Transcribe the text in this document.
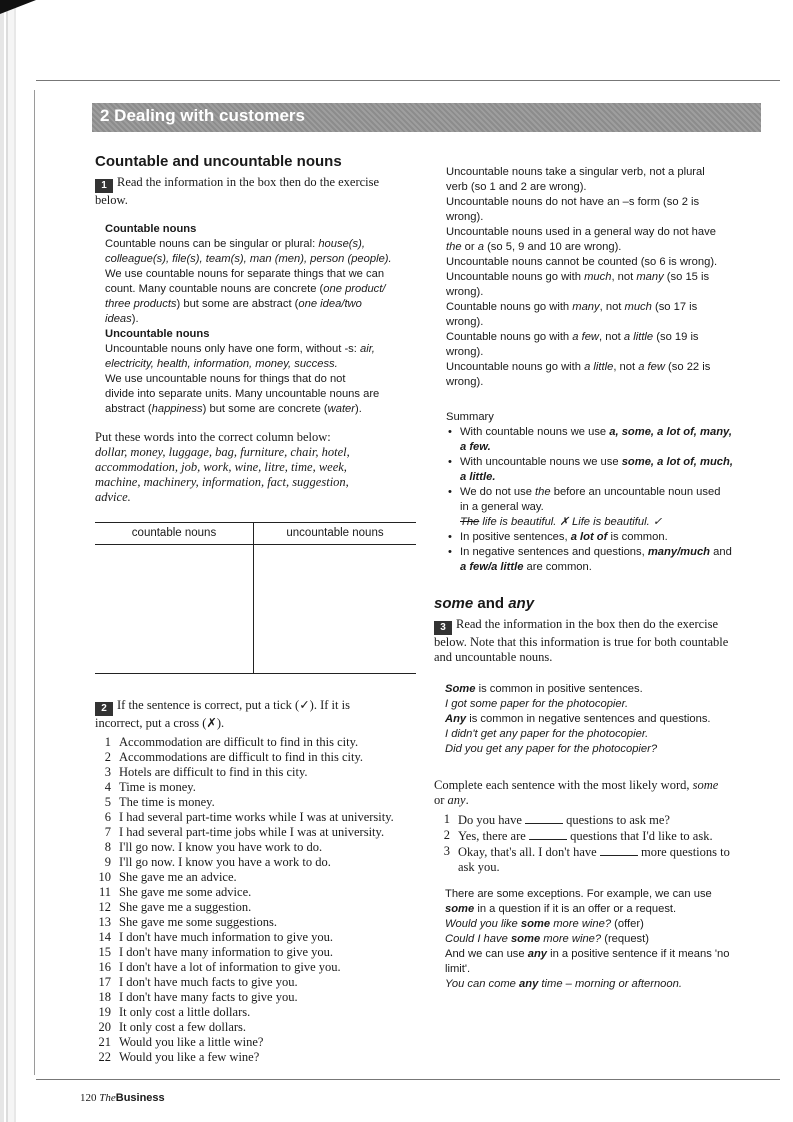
2 Dealing with customers
Countable and uncountable nouns
1 Read the information in the box then do the exercise below.

Countable nouns

Countable nouns can be singular or plural: house(s),

colleague(s), file(s), team(s), man (men), person (people).

We use countable nouns for separate things that we can

count. Many countable nouns are concrete (one product/

three products) but some are abstract (one idea/two

ideas).

Uncountable nouns

Uncountable nouns only have one form, without -s: air,

electricity, health, information, money, success.

We use uncountable nouns for things that do not

divide into separate units. Many uncountable nouns are

abstract (happiness) but some are concrete (water).

Put these words into the correct column below:
dollar, money, luggage, bag, furniture, chair, hotel,
accommodation, job, work, wine, litre, time, week,
machine, machinery, information, fact, suggestion,
advice.
countable nouns	uncountable nouns
2 If the sentence is correct, put a tick (✓). If it is
incorrect, put a cross (✗).
1 Accommodation are difficult to find in this city.
2 Accommodations are difficult to find in this city.
3 Hotels are difficult to find in this city.
4 Time is money.
5 The time is money.
6 I had several part-time works while I was at university.
7 I had several part-time jobs while I was at university.
8 I'll go now. I know you have work to do.
9 I'll go now. I know you have a work to do.
10 She gave me an advice.
11 She gave me some advice.
12 She gave me a suggestion.
13 She gave me some suggestions.
14 I don't have much information to give you.
15 I don't have many information to give you.
16 I don't have a lot of information to give you.
17 I don't have much facts to give you.
18 I don't have many facts to give you.
19 It only cost a little dollars.
20 It only cost a few dollars.
21 Would you like a little wine?
22 Would you like a few wine?

Uncountable nouns take a singular verb, not a plural

verb (so 1 and 2 are wrong).

Uncountable nouns do not have an –s form (so 2 is

wrong).

Uncountable nouns used in a general way do not have

the or a (so 5, 9 and 10 are wrong).

Uncountable nouns cannot be counted (so 6 is wrong).

Uncountable nouns go with much, not many (so 15 is

wrong).

Countable nouns go with many, not much (so 17 is

wrong).

Countable nouns go with a few, not a little (so 19 is

wrong).

Uncountable nouns go with a little, not a few (so 22 is

wrong).

Summary

• With countable nouns we use a, some, a lot of, many,
a few.
• With uncountable nouns we use some, a lot of, much,
a little.
• We do not use the before an uncountable noun used
in a general way.
The life is beautiful. ✗ Life is beautiful. ✓
• In positive sentences, a lot of is common.
• In negative sentences and questions, many/much and
a few/a little are common.
some and any
3 Read the information in the box then do the exercise
below. Note that this information is true for both countable
and uncountable nouns.

Some is common in positive sentences.

I got some paper for the photocopier.

Any is common in negative sentences and questions.

I didn't get any paper for the photocopier.

Did you get any paper for the photocopier?

Complete each sentence with the most likely word, some
or any.
1 Do you have	questions to ask me?
2 Yes, there are	questions that I'd like to ask.
3 Okay, that's all. I don't have	more questions to
ask you.

There are some exceptions. For example, we can use

some in a question if it is an offer or a request.

Would you like some more wine? (offer)

Could I have some more wine? (request)

And we can use any in a positive sentence if it means 'no

limit'.

You can come any time – morning or afternoon.

120 TheBusiness
